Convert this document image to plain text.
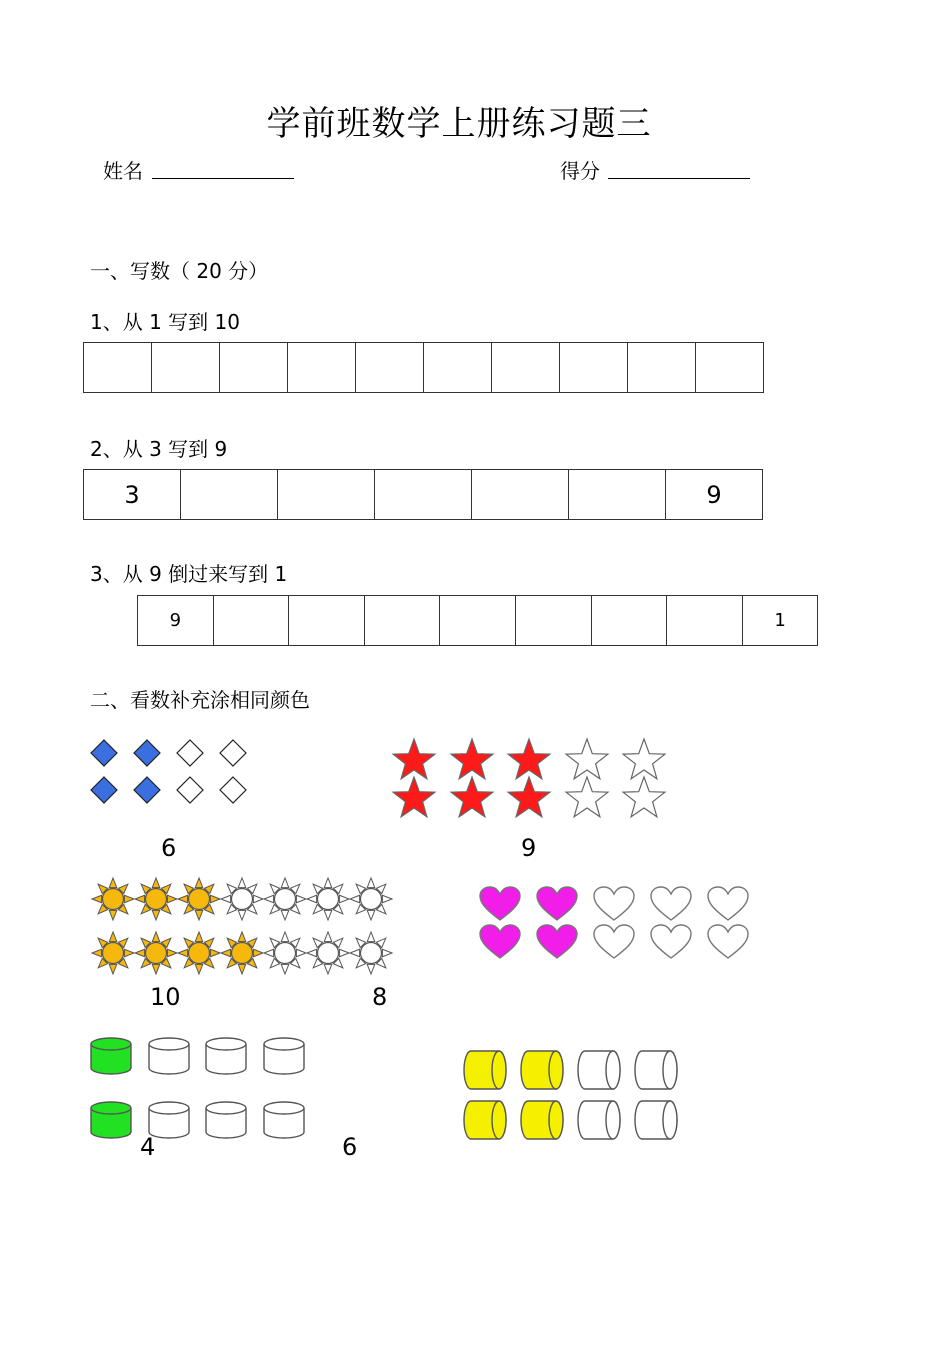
学前班数学上册练习题三
姓名	得分
一、写数（ 20 分）
1、从 1 写到 10
2、从 3 写到 9
3	9
3、从 9 倒过来写到 1
9	1
二、看数补充涂相同颜色
6	9
10	8
4	6
